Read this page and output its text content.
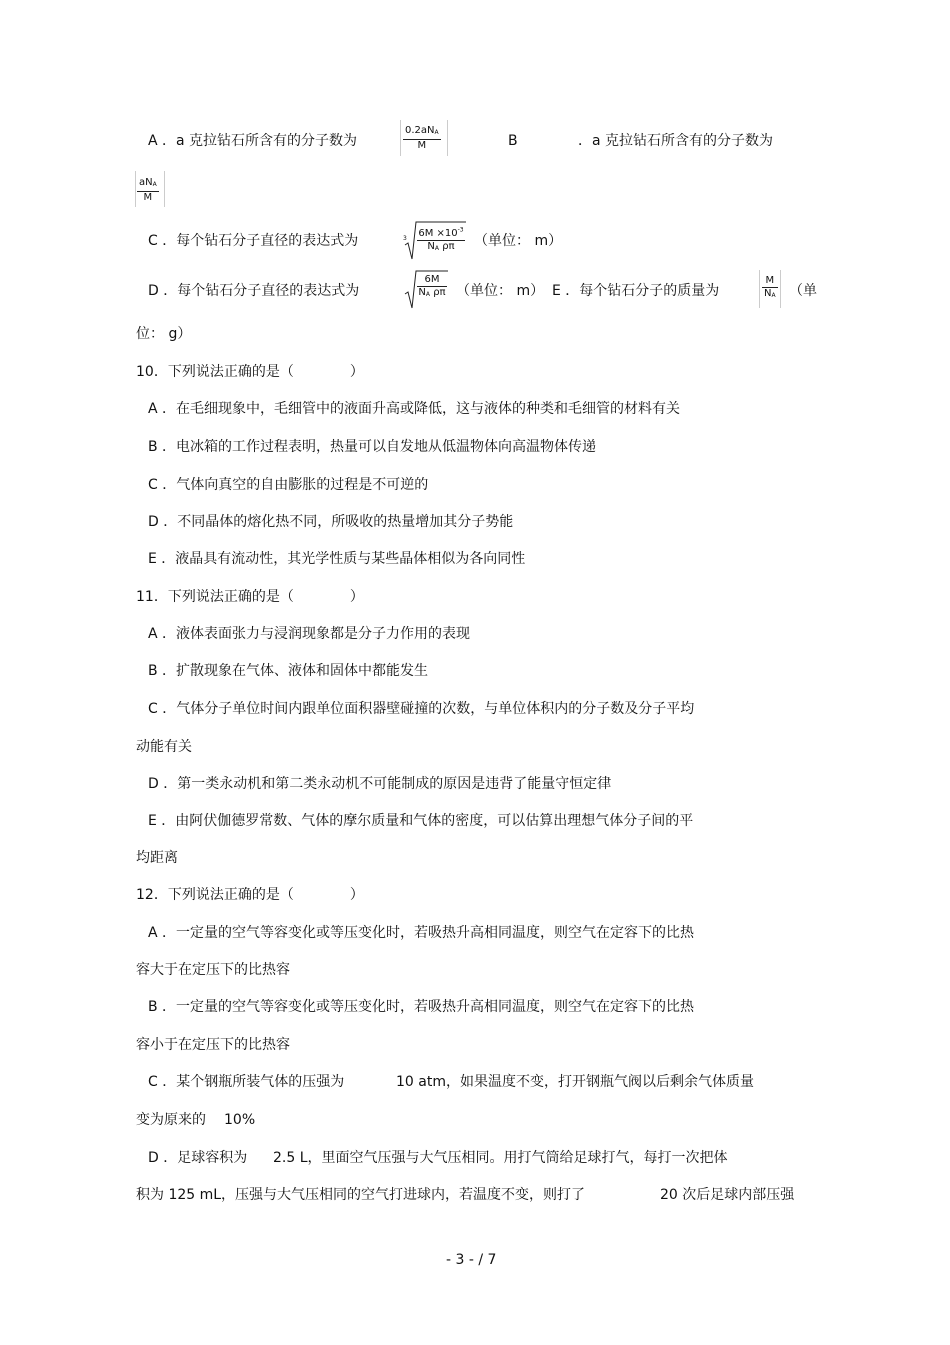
A ．a 克拉钻石所含有的分子数为
$0.2aN_A$
M	B	．a 克拉钻石所含有的分子数为
$aN_A$
M
C ．每个钻石分子直径的表达式为	3 $6M \times 10^{-3}$
$N_A$ ρπ	（单位： m）
D ．每个钻石分子直径的表达式为
6M
$N_A$ ρπ （单位： m） E ．每个钻石分子的质量为	$\frac{M}{N_A}$ （单
位： g）
10．下列说法正确的是（　　　　）
A ．在毛细现象中，毛细管中的液面升高或降低，这与液体的种类和毛细管的材料有关
B ．电冰箱的工作过程表明，热量可以自发地从低温物体向高温物体传递
C ．气体向真空的自由膨胀的过程是不可逆的
D ．不同晶体的熔化热不同，所吸收的热量增加其分子势能
E ．液晶具有流动性，其光学性质与某些晶体相似为各向同性
11．下列说法正确的是（　　　　）
A ．液体表面张力与浸润现象都是分子力作用的表现
B ．扩散现象在气体、液体和固体中都能发生
C ．气体分子单位时间内跟单位面积器壁碰撞的次数，与单位体积内的分子数及分子平均
动能有关
D ．第一类永动机和第二类永动机不可能制成的原因是违背了能量守恒定律
E ．由阿伏伽德罗常数、气体的摩尔质量和气体的密度，可以估算出理想气体分子间的平
均距离
12．下列说法正确的是（　　　　）
A ．一定量的空气等容变化或等压变化时，若吸热升高相同温度，则空气在定容下的比热
容大于在定压下的比热容
B ．一定量的空气等容变化或等压变化时，若吸热升高相同温度，则空气在定容下的比热
容小于在定压下的比热容
C ．某个钢瓶所装气体的压强为	10 atm，如果温度不变，打开钢瓶气阀以后剩余气体质量
变为原来的 10%
D ．足球容积为 2.5 L，里面空气压强与大气压相同。用打气筒给足球打气，每打一次把体
积为 125 mL，压强与大气压相同的空气打进球内，若温度不变，则打了	20 次后足球内部压强
- 3 - / 7
